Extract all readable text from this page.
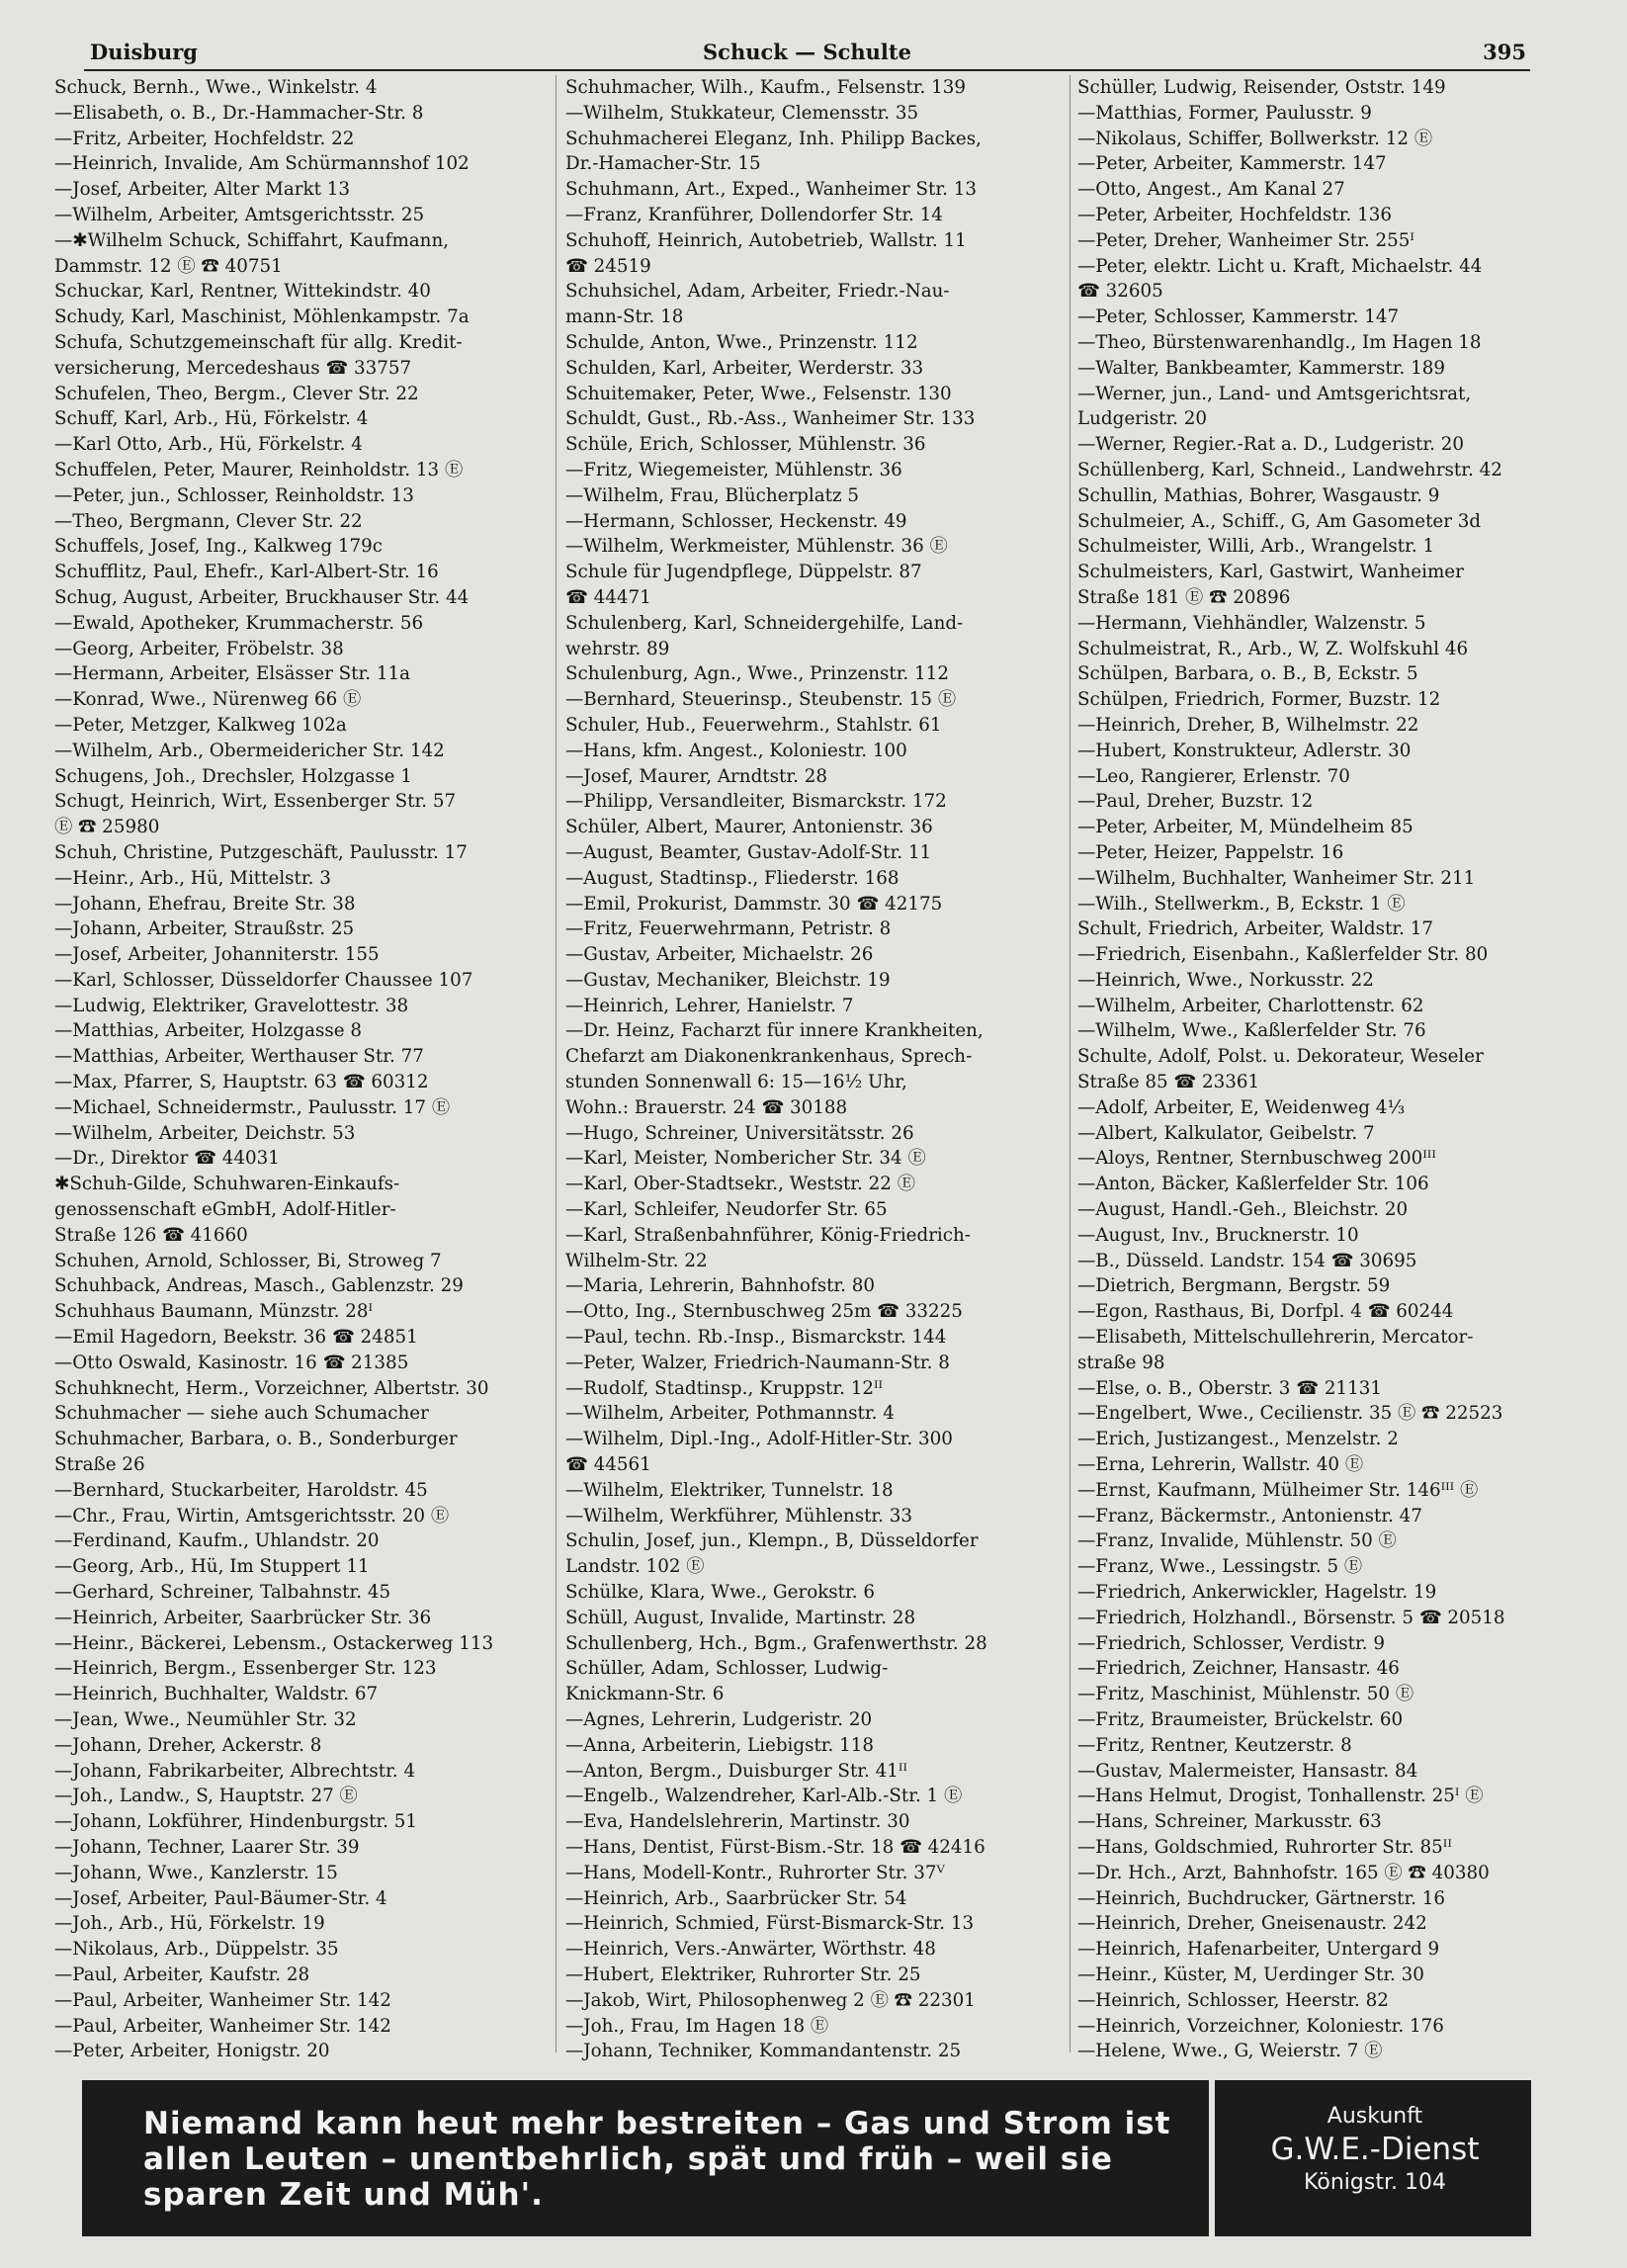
Duisburg	Schuck — Schulte	395
Schuck, Bernh., Wwe., Winkelstr. 4
—Elisabeth, o. B., Dr.-Hammacher-Str. 8
—Fritz, Arbeiter, Hochfeldstr. 22
—Heinrich, Invalide, Am Schürmannshof 102
—Josef, Arbeiter, Alter Markt 13
—Wilhelm, Arbeiter, Amtsgerichtsstr. 25
—✱Wilhelm Schuck, Schiffahrt, Kaufmann,
Dammstr. 12 Ⓔ ☎ 40751
Schuckar, Karl, Rentner, Wittekindstr. 40
Schudy, Karl, Maschinist, Möhlenkampstr. 7a
Schufa, Schutzgemeinschaft für allg. Kredit-
versicherung, Mercedeshaus ☎ 33757
Schufelen, Theo, Bergm., Clever Str. 22
Schuff, Karl, Arb., Hü, Förkelstr. 4
—Karl Otto, Arb., Hü, Förkelstr. 4
Schuffelen, Peter, Maurer, Reinholdstr. 13 Ⓔ
—Peter, jun., Schlosser, Reinholdstr. 13
—Theo, Bergmann, Clever Str. 22
Schuffels, Josef, Ing., Kalkweg 179c
Schufflitz, Paul, Ehefr., Karl-Albert-Str. 16
Schug, August, Arbeiter, Bruckhauser Str. 44
—Ewald, Apotheker, Krummacherstr. 56
—Georg, Arbeiter, Fröbelstr. 38
—Hermann, Arbeiter, Elsässer Str. 11a
—Konrad, Wwe., Nürenweg 66 Ⓔ
—Peter, Metzger, Kalkweg 102a
—Wilhelm, Arb., Obermeidericher Str. 142
Schugens, Joh., Drechsler, Holzgasse 1
Schugt, Heinrich, Wirt, Essenberger Str. 57
Ⓔ ☎ 25980
Schuh, Christine, Putzgeschäft, Paulusstr. 17
—Heinr., Arb., Hü, Mittelstr. 3
—Johann, Ehefrau, Breite Str. 38
—Johann, Arbeiter, Straußstr. 25
—Josef, Arbeiter, Johanniterstr. 155
—Karl, Schlosser, Düsseldorfer Chaussee 107
—Ludwig, Elektriker, Gravelottestr. 38
—Matthias, Arbeiter, Holzgasse 8
—Matthias, Arbeiter, Werthauser Str. 77
—Max, Pfarrer, S, Hauptstr. 63 ☎ 60312
—Michael, Schneidermstr., Paulusstr. 17 Ⓔ
—Wilhelm, Arbeiter, Deichstr. 53
—Dr., Direktor ☎ 44031
✱Schuh-Gilde, Schuhwaren-Einkaufs-
genossenschaft eGmbH, Adolf-Hitler-
Straße 126 ☎ 41660
Schuhen, Arnold, Schlosser, Bi, Stroweg 7
Schuhback, Andreas, Masch., Gablenzstr. 29
Schuhhaus Baumann, Münzstr. 28ᴵ
—Emil Hagedorn, Beekstr. 36 ☎ 24851
—Otto Oswald, Kasinostr. 16 ☎ 21385
Schuhknecht, Herm., Vorzeichner, Albertstr. 30
Schuhmacher — siehe auch Schumacher
Schuhmacher, Barbara, o. B., Sonderburger
Straße 26
—Bernhard, Stuckarbeiter, Haroldstr. 45
—Chr., Frau, Wirtin, Amtsgerichtsstr. 20 Ⓔ
—Ferdinand, Kaufm., Uhlandstr. 20
—Georg, Arb., Hü, Im Stuppert 11
—Gerhard, Schreiner, Talbahnstr. 45
—Heinrich, Arbeiter, Saarbrücker Str. 36
—Heinr., Bäckerei, Lebensm., Ostackerweg 113
—Heinrich, Bergm., Essenberger Str. 123
—Heinrich, Buchhalter, Waldstr. 67
—Jean, Wwe., Neumühler Str. 32
—Johann, Dreher, Ackerstr. 8
—Johann, Fabrikarbeiter, Albrechtstr. 4
—Joh., Landw., S, Hauptstr. 27 Ⓔ
—Johann, Lokführer, Hindenburgstr. 51
—Johann, Techner, Laarer Str. 39
—Johann, Wwe., Kanzlerstr. 15
—Josef, Arbeiter, Paul-Bäumer-Str. 4
—Joh., Arb., Hü, Förkelstr. 19
—Nikolaus, Arb., Düppelstr. 35
—Paul, Arbeiter, Kaufstr. 28
—Paul, Arbeiter, Wanheimer Str. 142
—Paul, Arbeiter, Wanheimer Str. 142
—Peter, Arbeiter, Honigstr. 20
Schuhmacher, Wilh., Kaufm., Felsenstr. 139
—Wilhelm, Stukkateur, Clemensstr. 35
Schuhmacherei Eleganz, Inh. Philipp Backes,
Dr.-Hamacher-Str. 15
Schuhmann, Art., Exped., Wanheimer Str. 13
—Franz, Kranführer, Dollendorfer Str. 14
Schuhoff, Heinrich, Autobetrieb, Wallstr. 11
☎ 24519
Schuhsichel, Adam, Arbeiter, Friedr.-Nau-
mann-Str. 18
Schulde, Anton, Wwe., Prinzenstr. 112
Schulden, Karl, Arbeiter, Werderstr. 33
Schuitemaker, Peter, Wwe., Felsenstr. 130
Schuldt, Gust., Rb.-Ass., Wanheimer Str. 133
Schüle, Erich, Schlosser, Mühlenstr. 36
—Fritz, Wiegemeister, Mühlenstr. 36
—Wilhelm, Frau, Blücherplatz 5
—Hermann, Schlosser, Heckenstr. 49
—Wilhelm, Werkmeister, Mühlenstr. 36 Ⓔ
Schule für Jugendpflege, Düppelstr. 87
☎ 44471
Schulenberg, Karl, Schneidergehilfe, Land-
wehrstr. 89
Schulenburg, Agn., Wwe., Prinzenstr. 112
—Bernhard, Steuerinsp., Steubenstr. 15 Ⓔ
Schuler, Hub., Feuerwehrm., Stahlstr. 61
—Hans, kfm. Angest., Koloniestr. 100
—Josef, Maurer, Arndtstr. 28
—Philipp, Versandleiter, Bismarckstr. 172
Schüler, Albert, Maurer, Antonienstr. 36
—August, Beamter, Gustav-Adolf-Str. 11
—August, Stadtinsp., Fliederstr. 168
—Emil, Prokurist, Dammstr. 30 ☎ 42175
—Fritz, Feuerwehrmann, Petristr. 8
—Gustav, Arbeiter, Michaelstr. 26
—Gustav, Mechaniker, Bleichstr. 19
—Heinrich, Lehrer, Hanielstr. 7
—Dr. Heinz, Facharzt für innere Krankheiten,
Chefarzt am Diakonenkrankenhaus, Sprech-
stunden Sonnenwall 6: 15—16½ Uhr,
Wohn.: Brauerstr. 24 ☎ 30188
—Hugo, Schreiner, Universitätsstr. 26
—Karl, Meister, Nombericher Str. 34 Ⓔ
—Karl, Ober-Stadtsekr., Weststr. 22 Ⓔ
—Karl, Schleifer, Neudorfer Str. 65
—Karl, Straßenbahnführer, König-Friedrich-
Wilhelm-Str. 22
—Maria, Lehrerin, Bahnhofstr. 80
—Otto, Ing., Sternbuschweg 25m ☎ 33225
—Paul, techn. Rb.-Insp., Bismarckstr. 144
—Peter, Walzer, Friedrich-Naumann-Str. 8
—Rudolf, Stadtinsp., Kruppstr. 12ᴵᴵ
—Wilhelm, Arbeiter, Pothmannstr. 4
—Wilhelm, Dipl.-Ing., Adolf-Hitler-Str. 300
☎ 44561
—Wilhelm, Elektriker, Tunnelstr. 18
—Wilhelm, Werkführer, Mühlenstr. 33
Schulin, Josef, jun., Klempn., B, Düsseldorfer
Landstr. 102 Ⓔ
Schülke, Klara, Wwe., Gerokstr. 6
Schüll, August, Invalide, Martinstr. 28
Schullenberg, Hch., Bgm., Grafenwerthstr. 28
Schüller, Adam, Schlosser, Ludwig-
Knickmann-Str. 6
—Agnes, Lehrerin, Ludgeristr. 20
—Anna, Arbeiterin, Liebigstr. 118
—Anton, Bergm., Duisburger Str. 41ᴵᴵ
—Engelb., Walzendreher, Karl-Alb.-Str. 1 Ⓔ
—Eva, Handelslehrerin, Martinstr. 30
—Hans, Dentist, Fürst-Bism.-Str. 18 ☎ 42416
—Hans, Modell-Kontr., Ruhrorter Str. 37ⱽ
—Heinrich, Arb., Saarbrücker Str. 54
—Heinrich, Schmied, Fürst-Bismarck-Str. 13
—Heinrich, Vers.-Anwärter, Wörthstr. 48
—Hubert, Elektriker, Ruhrorter Str. 25
—Jakob, Wirt, Philosophenweg 2 Ⓔ ☎ 22301
—Joh., Frau, Im Hagen 18 Ⓔ
—Johann, Techniker, Kommandantenstr. 25
Schüller, Ludwig, Reisender, Oststr. 149
—Matthias, Former, Paulusstr. 9
—Nikolaus, Schiffer, Bollwerkstr. 12 Ⓔ
—Peter, Arbeiter, Kammerstr. 147
—Otto, Angest., Am Kanal 27
—Peter, Arbeiter, Hochfeldstr. 136
—Peter, Dreher, Wanheimer Str. 255ᴵ
—Peter, elektr. Licht u. Kraft, Michaelstr. 44
☎ 32605
—Peter, Schlosser, Kammerstr. 147
—Theo, Bürstenwarenhandlg., Im Hagen 18
—Walter, Bankbeamter, Kammerstr. 189
—Werner, jun., Land- und Amtsgerichtsrat,
Ludgeristr. 20
—Werner, Regier.-Rat a. D., Ludgeristr. 20
Schüllenberg, Karl, Schneid., Landwehrstr. 42
Schullin, Mathias, Bohrer, Wasgaustr. 9
Schulmeier, A., Schiff., G, Am Gasometer 3d
Schulmeister, Willi, Arb., Wrangelstr. 1
Schulmeisters, Karl, Gastwirt, Wanheimer
Straße 181 Ⓔ ☎ 20896
—Hermann, Viehhändler, Walzenstr. 5
Schulmeistrat, R., Arb., W, Z. Wolfskuhl 46
Schülpen, Barbara, o. B., B, Eckstr. 5
Schülpen, Friedrich, Former, Buzstr. 12
—Heinrich, Dreher, B, Wilhelmstr. 22
—Hubert, Konstrukteur, Adlerstr. 30
—Leo, Rangierer, Erlenstr. 70
—Paul, Dreher, Buzstr. 12
—Peter, Arbeiter, M, Mündelheim 85
—Peter, Heizer, Pappelstr. 16
—Wilhelm, Buchhalter, Wanheimer Str. 211
—Wilh., Stellwerkm., B, Eckstr. 1 Ⓔ
Schult, Friedrich, Arbeiter, Waldstr. 17
—Friedrich, Eisenbahn., Kaßlerfelder Str. 80
—Heinrich, Wwe., Norkusstr. 22
—Wilhelm, Arbeiter, Charlottenstr. 62
—Wilhelm, Wwe., Kaßlerfelder Str. 76
Schulte, Adolf, Polst. u. Dekorateur, Weseler
Straße 85 ☎ 23361
—Adolf, Arbeiter, E, Weidenweg 4⅓
—Albert, Kalkulator, Geibelstr. 7
—Aloys, Rentner, Sternbuschweg 200ᴵᴵᴵ
—Anton, Bäcker, Kaßlerfelder Str. 106
—August, Handl.-Geh., Bleichstr. 20
—August, Inv., Brucknerstr. 10
—B., Düsseld. Landstr. 154 ☎ 30695
—Dietrich, Bergmann, Bergstr. 59
—Egon, Rasthaus, Bi, Dorfpl. 4 ☎ 60244
—Elisabeth, Mittelschullehrerin, Mercator-
straße 98
—Else, o. B., Oberstr. 3 ☎ 21131
—Engelbert, Wwe., Cecilienstr. 35 Ⓔ ☎ 22523
—Erich, Justizangest., Menzelstr. 2
—Erna, Lehrerin, Wallstr. 40 Ⓔ
—Ernst, Kaufmann, Mülheimer Str. 146ᴵᴵᴵ Ⓔ
—Franz, Bäckermstr., Antonienstr. 47
—Franz, Invalide, Mühlenstr. 50 Ⓔ
—Franz, Wwe., Lessingstr. 5 Ⓔ
—Friedrich, Ankerwickler, Hagelstr. 19
—Friedrich, Holzhandl., Börsenstr. 5 ☎ 20518
—Friedrich, Schlosser, Verdistr. 9
—Friedrich, Zeichner, Hansastr. 46
—Fritz, Maschinist, Mühlenstr. 50 Ⓔ
—Fritz, Braumeister, Brückelstr. 60
—Fritz, Rentner, Keutzerstr. 8
—Gustav, Malermeister, Hansastr. 84
—Hans Helmut, Drogist, Tonhallenstr. 25ᴵ Ⓔ
—Hans, Schreiner, Markusstr. 63
—Hans, Goldschmied, Ruhrorter Str. 85ᴵᴵ
—Dr. Hch., Arzt, Bahnhofstr. 165 Ⓔ ☎ 40380
—Heinrich, Buchdrucker, Gärtnerstr. 16
—Heinrich, Dreher, Gneisenaustr. 242
—Heinrich, Hafenarbeiter, Untergard 9
—Heinr., Küster, M, Uerdinger Str. 30
—Heinrich, Schlosser, Heerstr. 82
—Heinrich, Vorzeichner, Koloniestr. 176
—Helene, Wwe., G, Weierstr. 7 Ⓔ
Niemand kann heut mehr bestreiten – Gas und Strom ist
allen Leuten – unentbehrlich, spät und früh – weil sie
sparen Zeit und Müh'.
Auskunft
G.W.E.-Dienst
Königstr. 104
